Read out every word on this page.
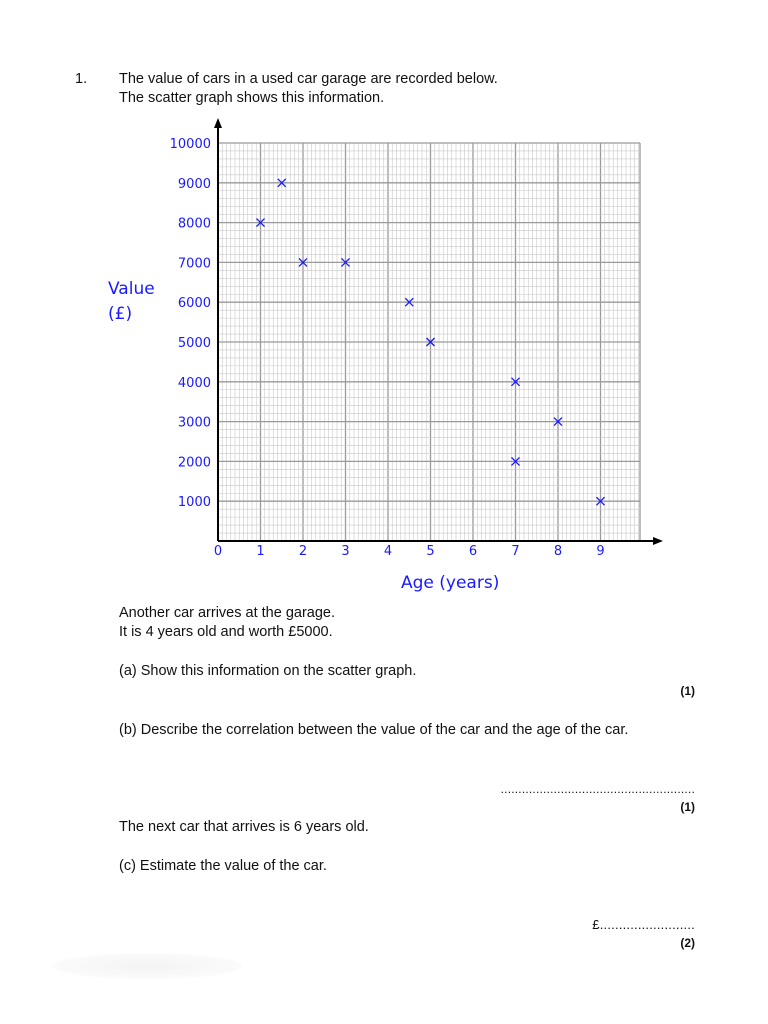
1. The value of cars in a used car garage are recorded below.
The scatter graph shows this information.
0	1	2	3	4	5	6	7	8	9
1000
2000
3000
4000
5000
6000
7000
8000
9000
10000
Value
(£)
Age (years)
Another car arrives at the garage.
It is 4 years old and worth £5000.
(a) Show this information on the scatter graph.
(1)
(b) Describe the correlation between the value of the car and the age of the car.
.......................................................
(1)
The next car that arrives is 6 years old.
(c) Estimate the value of the car.
£.........................
(2)
